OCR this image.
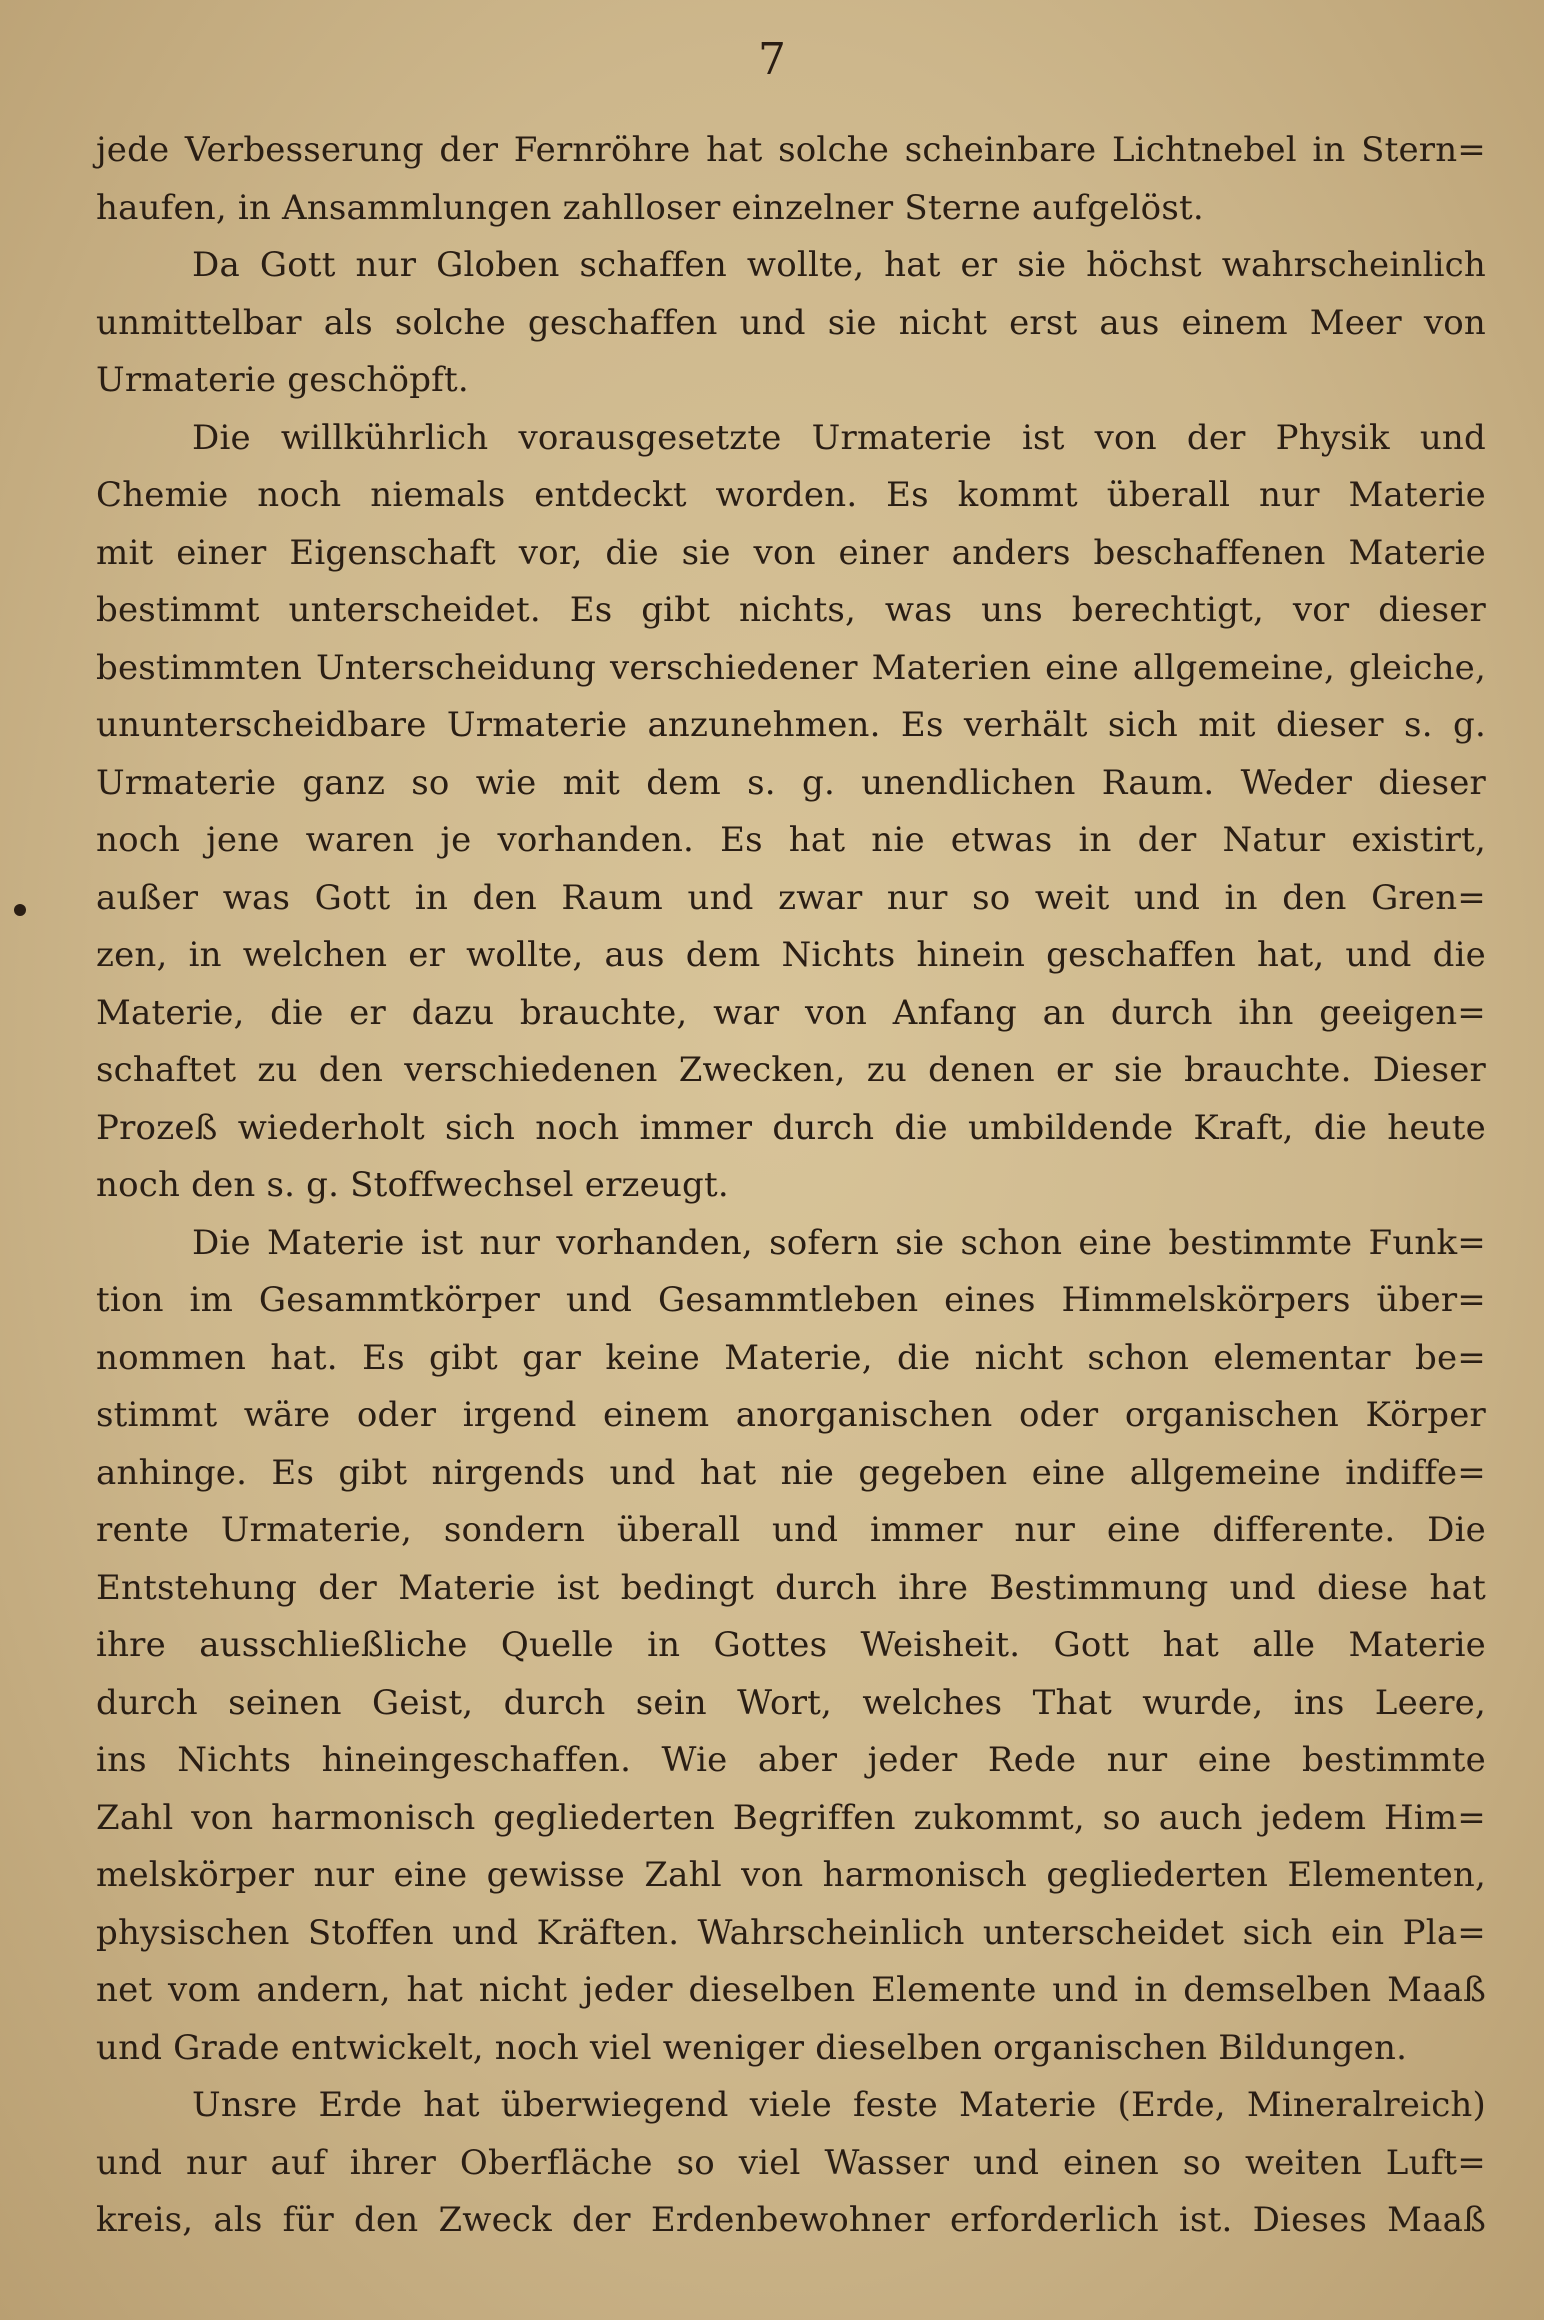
7
jede Verbesserung der Fernröhre hat solche scheinbare Lichtnebel in Stern=
haufen, in Ansammlungen zahlloser einzelner Sterne aufgelöst.
Da Gott nur Globen schaffen wollte, hat er sie höchst wahrscheinlich
unmittelbar als solche geschaffen und sie nicht erst aus einem Meer von
Urmaterie geschöpft.
Die willkührlich vorausgesetzte Urmaterie ist von der Physik und
Chemie noch niemals entdeckt worden. Es kommt überall nur Materie
mit einer Eigenschaft vor, die sie von einer anders beschaffenen Materie
bestimmt unterscheidet. Es gibt nichts, was uns berechtigt, vor dieser
bestimmten Unterscheidung verschiedener Materien eine allgemeine, gleiche,
ununterscheidbare Urmaterie anzunehmen. Es verhält sich mit dieser s. g.
Urmaterie ganz so wie mit dem s. g. unendlichen Raum. Weder dieser
noch jene waren je vorhanden. Es hat nie etwas in der Natur existirt,
außer was Gott in den Raum und zwar nur so weit und in den Gren=
zen, in welchen er wollte, aus dem Nichts hinein geschaffen hat, und die
Materie, die er dazu brauchte, war von Anfang an durch ihn geeigen=
schaftet zu den verschiedenen Zwecken, zu denen er sie brauchte. Dieser
Prozeß wiederholt sich noch immer durch die umbildende Kraft, die heute
noch den s. g. Stoffwechsel erzeugt.
Die Materie ist nur vorhanden, sofern sie schon eine bestimmte Funk=
tion im Gesammtkörper und Gesammtleben eines Himmelskörpers über=
nommen hat. Es gibt gar keine Materie, die nicht schon elementar be=
stimmt wäre oder irgend einem anorganischen oder organischen Körper
anhinge. Es gibt nirgends und hat nie gegeben eine allgemeine indiffe=
rente Urmaterie, sondern überall und immer nur eine differente. Die
Entstehung der Materie ist bedingt durch ihre Bestimmung und diese hat
ihre ausschließliche Quelle in Gottes Weisheit. Gott hat alle Materie
durch seinen Geist, durch sein Wort, welches That wurde, ins Leere,
ins Nichts hineingeschaffen. Wie aber jeder Rede nur eine bestimmte
Zahl von harmonisch gegliederten Begriffen zukommt, so auch jedem Him=
melskörper nur eine gewisse Zahl von harmonisch gegliederten Elementen,
physischen Stoffen und Kräften. Wahrscheinlich unterscheidet sich ein Pla=
net vom andern, hat nicht jeder dieselben Elemente und in demselben Maaß
und Grade entwickelt, noch viel weniger dieselben organischen Bildungen.
Unsre Erde hat überwiegend viele feste Materie (Erde, Mineralreich)
und nur auf ihrer Oberfläche so viel Wasser und einen so weiten Luft=
kreis, als für den Zweck der Erdenbewohner erforderlich ist. Dieses Maaß
